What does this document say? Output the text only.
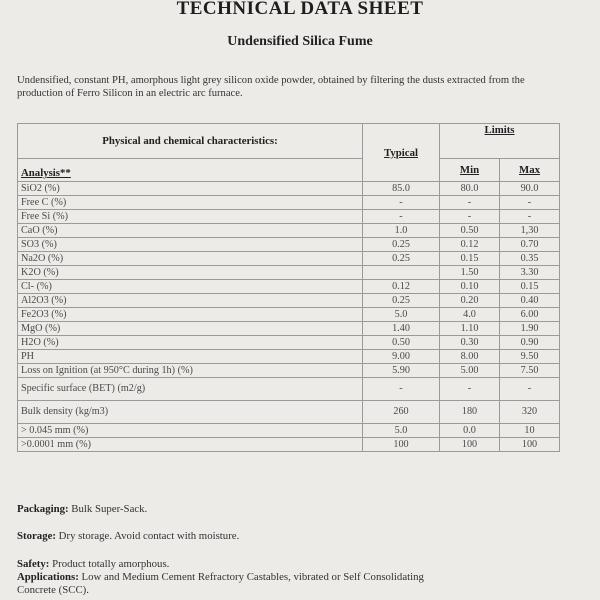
TECHNICAL DATA SHEET
Undensified Silica Fume
Undensified, constant PH, amorphous light grey silicon oxide powder, obtained by filtering the dusts extracted from the production of Ferro Silicon in an electric arc furnace.
Physical and chemical characteristics:	Typical	Limits	
Analysis**		Min	Max
SiO2 (%)	85.0	80.0	90.0
Free C (%)	-	-	-
Free Si (%)	-	-	-
CaO (%)	1.0	0.50	1,30
SO3 (%)	0.25	0.12	0.70
Na2O (%)	0.25	0.15	0.35
K2O (%)		1.50	3.30
Cl- (%)	0.12	0.10	0.15
Al2O3 (%)	0.25	0.20	0.40
Fe2O3 (%)	5.0	4.0	6.00
MgO (%)	1.40	1.10	1.90
H2O (%)	0.50	0.30	0.90
PH	9.00	8.00	9.50
Loss on Ignition (at 950°C during 1h) (%)	5.90	5.00	7.50
Specific surface (BET) (m2/g)	-	-	-
Bulk density (kg/m3)	260	180	320
> 0.045 mm (%)	5.0	0.0	10
>0.0001 mm (%)	100	100	100
Packaging: Bulk Super-Sack.
Storage: Dry storage. Avoid contact with moisture.
Safety: Product totally amorphous.
Applications: Low and Medium Cement Refractory Castables, vibrated or Self Consolidating Concrete (SCC).
